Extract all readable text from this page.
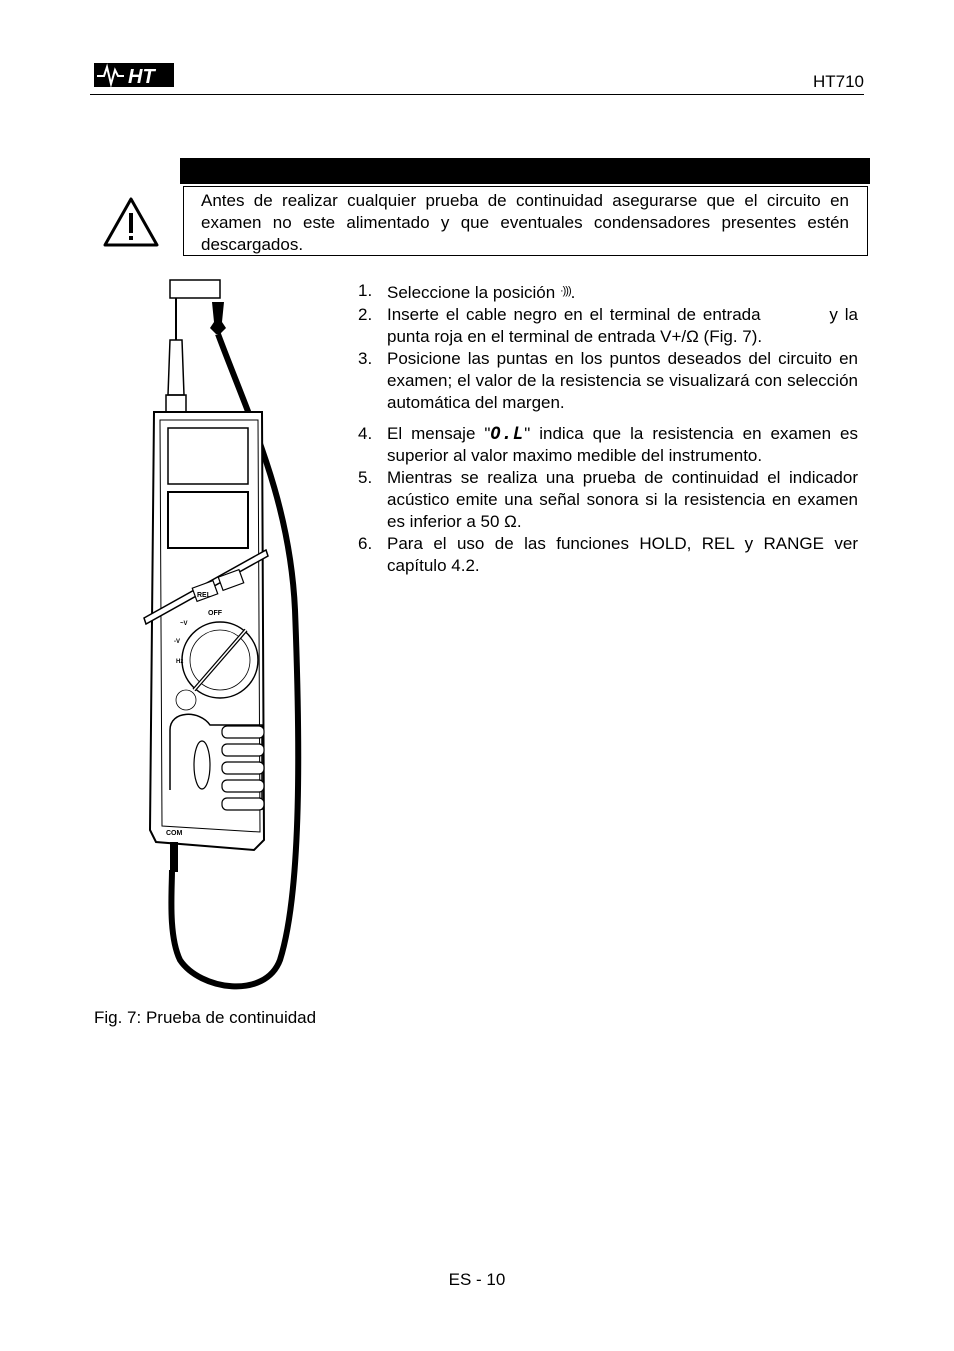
HT	HT710
Antes de realizar cualquier prueba de continuidad asegurarse que el circuito en examen no este alimentado y que eventuales condensadores presentes estén descargados.
REL
OFF
~V
-V
Hz
COM
Fig. 7: Prueba de continuidad
1. Seleccione la posición ·))).
2. Inserte el cable negro en el terminal de entrada          y la punta roja en el terminal de entrada V+/Ω (Fig. 7).
3. Posicione las puntas en los puntos deseados del circuito en examen; el valor de la resistencia se visualizará con selección automática del margen.
4. El mensaje "O.L" indica que la resistencia en examen es superior al valor maximo medible del instrumento.
5. Mientras se realiza una prueba de continuidad el indicador acústico emite una señal sonora si la resistencia en examen es inferior a 50 Ω.
6. Para el uso de las funciones HOLD, REL y RANGE ver capítulo 4.2.
ES - 10
